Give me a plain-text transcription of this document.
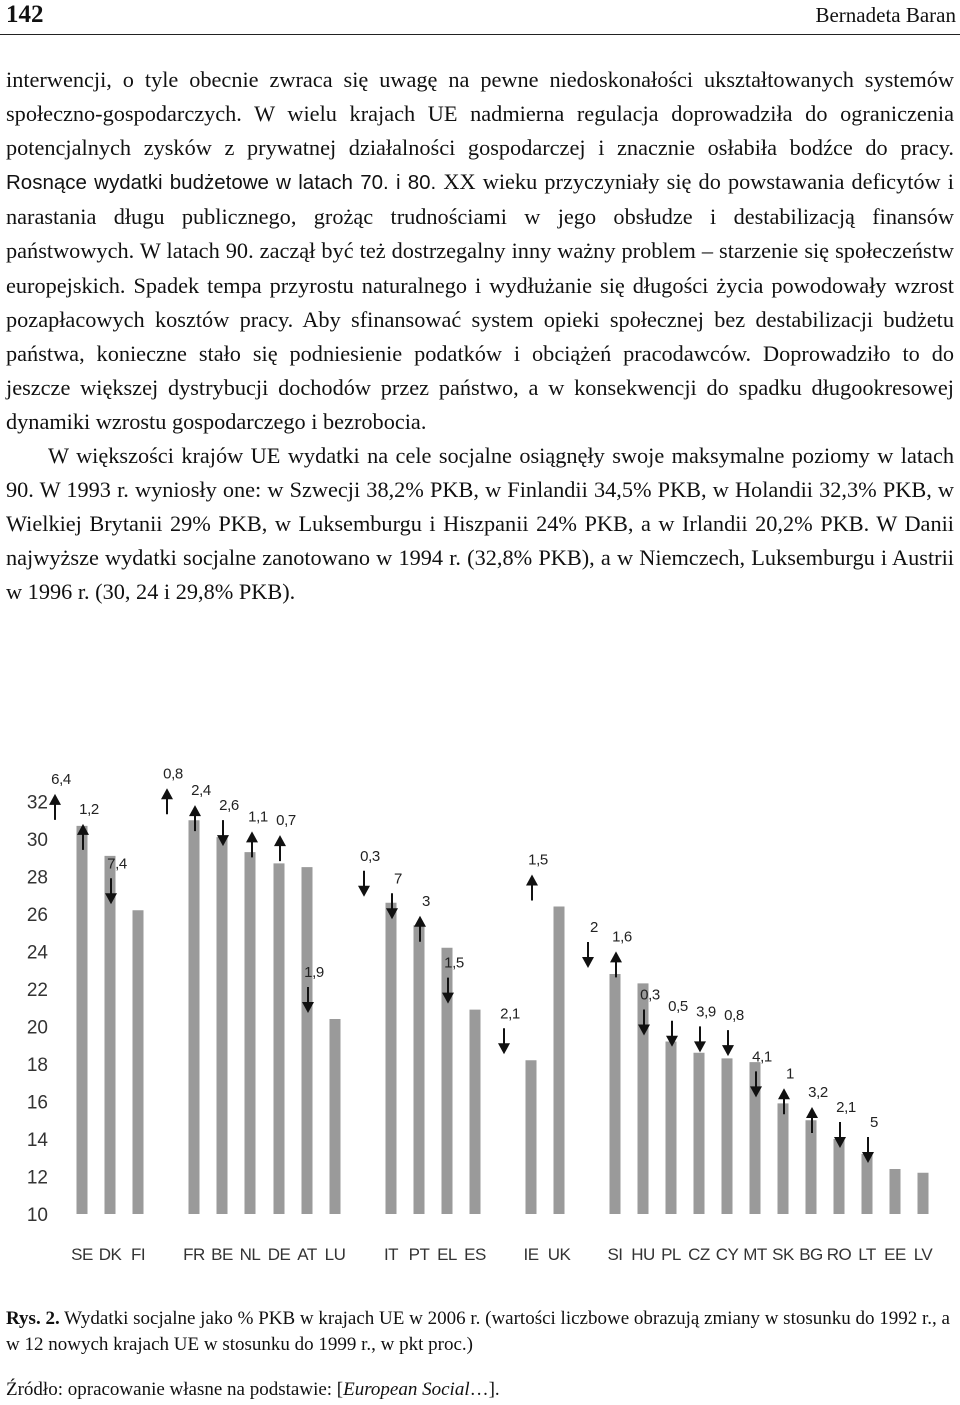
142	Bernadeta Baran

interwencji, o tyle obecnie zwraca się uwagę na pewne niedoskonałości ukształtowanych systemów społeczno-gospodarczych. W wielu krajach UE nadmierna regulacja doprowadziła do ograniczenia potencjalnych zysków z prywatnej działalności gospodarczej i znacznie osłabiła bodźce do pracy. Rosnące wydatki budżetowe w latach 70. i 80. XX wieku przyczyniały się do powstawania deficytów i narastania długu publicznego, grożąc trudnościami w jego obsłudze i destabilizacją finansów państwowych. W latach 90. zaczął być też dostrzegalny inny ważny problem – starzenie się społeczeństw europejskich. Spadek tempa przyrostu naturalnego i wydłużanie się długości życia powodowały wzrost pozapłacowych kosztów pracy. Aby sfinansować system opieki społecznej bez destabilizacji budżetu państwa, konieczne stało się podniesienie podatków i obciążeń pracodawców. Doprowadziło to do jeszcze większej dystrybucji dochodów przez państwo, a w konsekwencji do spadku długookresowej dynamiki wzrostu gospodarczego i bezrobocia.

W większości krajów UE wydatki na cele socjalne osiągnęły swoje maksymalne poziomy w latach 90. W 1993 r. wyniosły one: w Szwecji 38,2% PKB, w Finlandii 34,5% PKB, w Holandii 32,3% PKB, w Wielkiej Brytanii 29% PKB, w Luksemburgu i Hiszpanii 24% PKB, a w Irlandii 20,2% PKB. W Danii najwyższe wydatki socjalne zanotowano w 1994 r. (32,8% PKB), a w Niemczech, Luksemburgu i Austrii w 1996 r. (30, 24 i 29,8% PKB).

10
12
14
16
18
20
22
24
26
28
30
32
SE DK FI FR BE NL DE AT LU IT PT EL ES IE UK SI HU PL CZ CY MT SK BG RO LT EE LV
6,4
1,2
7,4
0,8
2,4
2,6
1,1 0,7
1,9
0,3
7
3
1,5
2,1
1,5
2
1,6
0,3
0,5 3,9 0,8
4,1
1
3,2
2,1
5
Rys. 2. Wydatki socjalne jako % PKB w krajach UE w 2006 r. (wartości liczbowe obrazują zmiany w stosunku do 1992 r., a w 12 nowych krajach UE w stosunku do 1999 r., w pkt proc.)
Źródło: opracowanie własne na podstawie: [European Social…].
